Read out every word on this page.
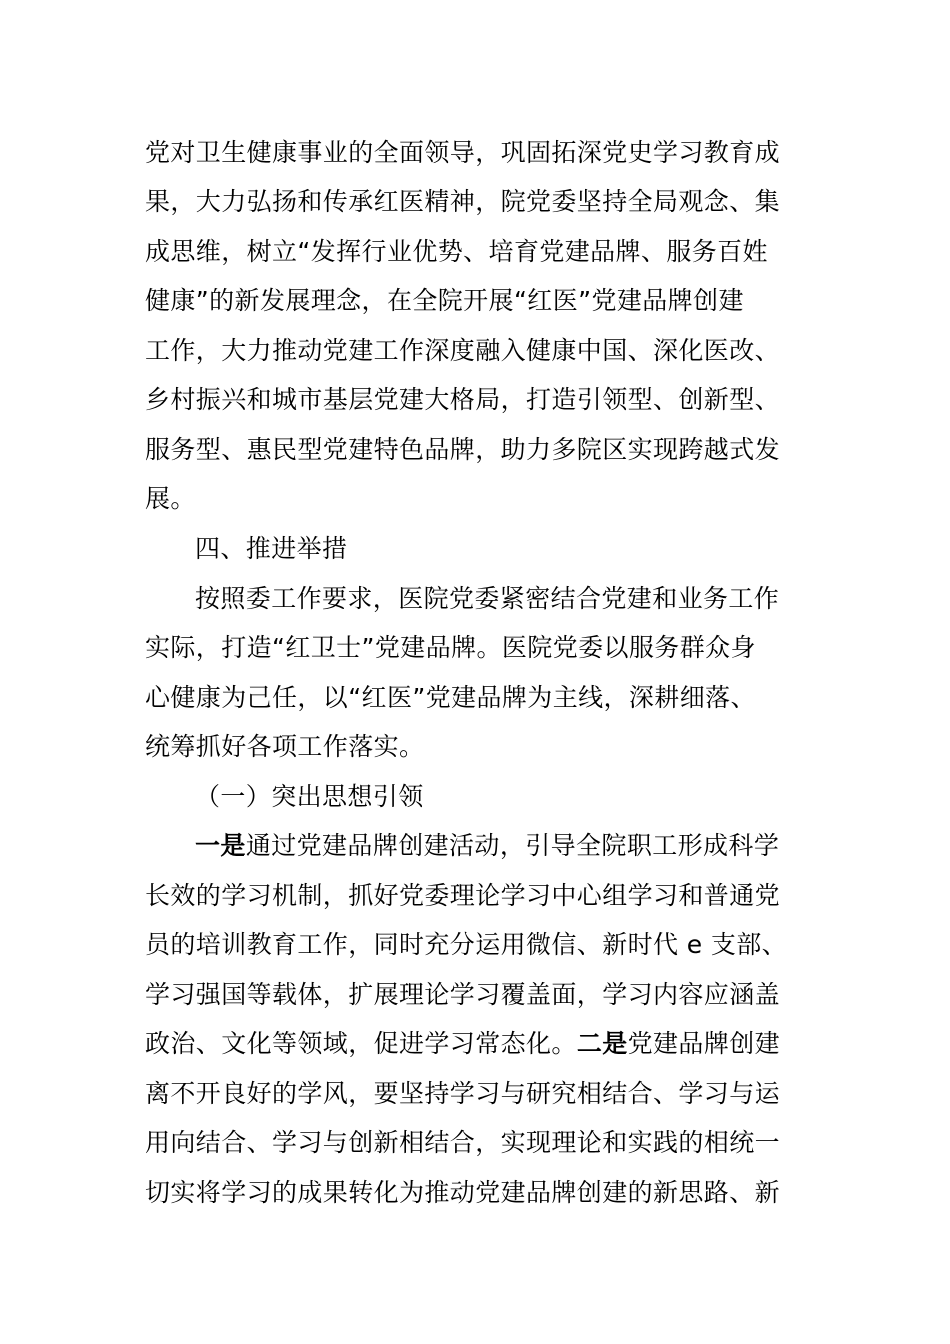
党对卫生健康事业的全面领导，巩固拓深党史学习教育成
果，大力弘扬和传承红医精神，院党委坚持全局观念、集
成思维，树立“发挥行业优势、培育党建品牌、服务百姓
健康”的新发展理念，在全院开展“红医”党建品牌创建
工作，大力推动党建工作深度融入健康中国、深化医改、
乡村振兴和城市基层党建大格局，打造引领型、创新型、
服务型、惠民型党建特色品牌，助力多院区实现跨越式发
展。
四、推进举措
按照委工作要求，医院党委紧密结合党建和业务工作
实际，打造“红卫士”党建品牌。医院党委以服务群众身
心健康为己任，以“红医”党建品牌为主线，深耕细落、
统筹抓好各项工作落实。
（一）突出思想引领
一是通过党建品牌创建活动，引导全院职工形成科学
长效的学习机制，抓好党委理论学习中心组学习和普通党
员的培训教育工作，同时充分运用微信、新时代 e 支部、
学习强国等载体，扩展理论学习覆盖面，学习内容应涵盖
政治、文化等领域，促进学习常态化。二是党建品牌创建
离不开良好的学风，要坚持学习与研究相结合、学习与运
用向结合、学习与创新相结合，实现理论和实践的相统一
切实将学习的成果转化为推动党建品牌创建的新思路、新
